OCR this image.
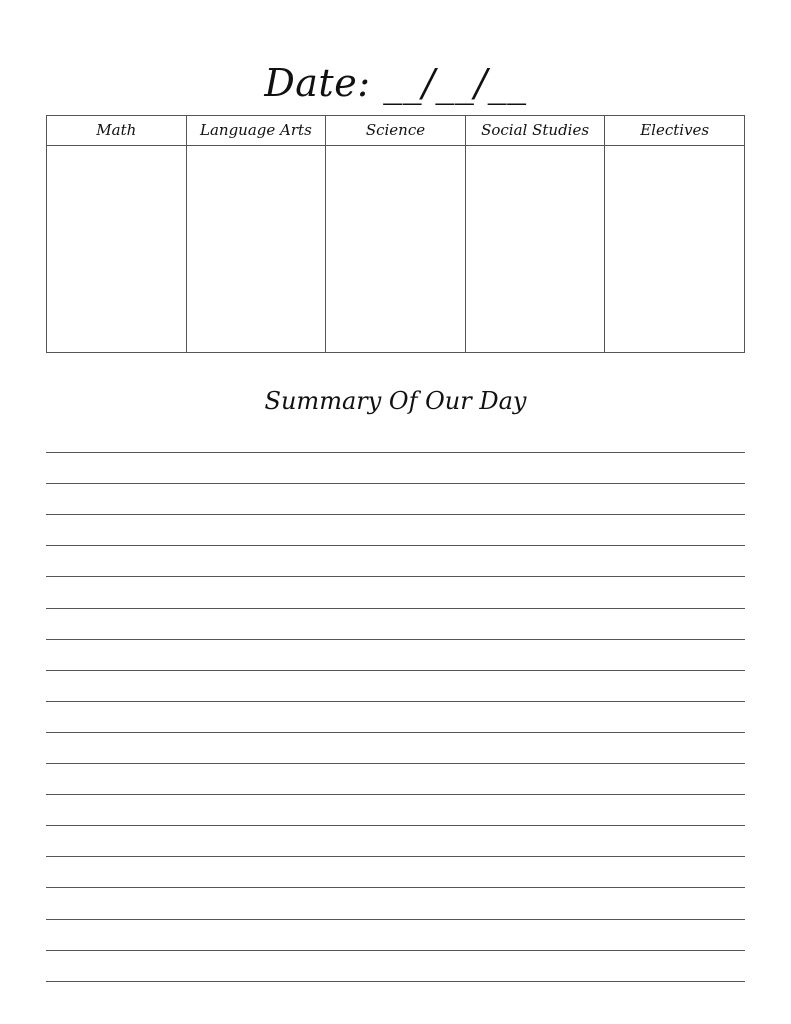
Date: __/__/__
Math	Language Arts	Science	Social Studies	Electives
Summary Of Our Day
